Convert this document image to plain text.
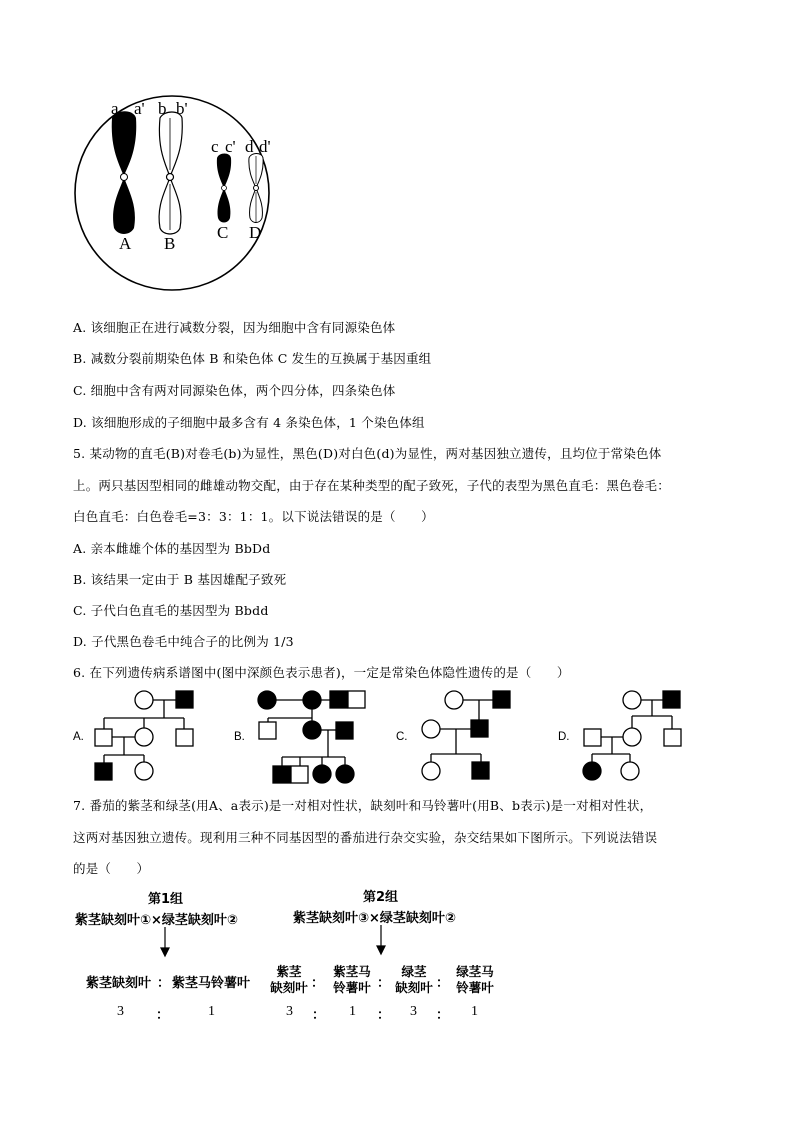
a a' b b'
c c' d d'
A B
C D
A. 该细胞正在进行减数分裂，因为细胞中含有同源染色体
B. 减数分裂前期染色体 B 和染色体 C 发生的互换属于基因重组
C. 细胞中含有两对同源染色体，两个四分体，四条染色体
D. 该细胞形成的子细胞中最多含有 4 条染色体，1 个染色体组
5. 某动物的直毛(B)对卷毛(b)为显性，黑色(D)对白色(d)为显性，两对基因独立遗传，且均位于常染色体
上。两只基因型相同的雌雄动物交配，由于存在某种类型的配子致死，子代的表型为黑色直毛：黑色卷毛：
白色直毛：白色卷毛=3：3：1：1。以下说法错误的是（　　）
A. 亲本雌雄个体的基因型为 BbDd
B. 该结果一定由于 B 基因雄配子致死
C. 子代白色直毛的基因型为 Bbdd
D. 子代黑色卷毛中纯合子的比例为 1/3
6. 在下列遗传病系谱图中(图中深颜色表示患者)，一定是常染色体隐性遗传的是（　　）
A.	B.	C.	D.
7. 番茄的紫茎和绿茎(用A、a表示)是一对相对性状，缺刻叶和马铃薯叶(用B、b表示)是一对相对性状，
这两对基因独立遗传。现利用三种不同基因型的番茄进行杂交实验，杂交结果如下图所示。下列说法错误
的是（　　）
第1组
紫茎缺刻叶①×绿茎缺刻叶②
紫茎缺刻叶 ： 紫茎马铃薯叶
3 ：	1
第2组
紫茎缺刻叶③×绿茎缺刻叶②
紫茎
缺刻叶 ：
紫茎马
铃薯叶 ：
绿茎
缺刻叶 ：
绿茎马
铃薯叶
3 ： 1 ： 3 ： 1
